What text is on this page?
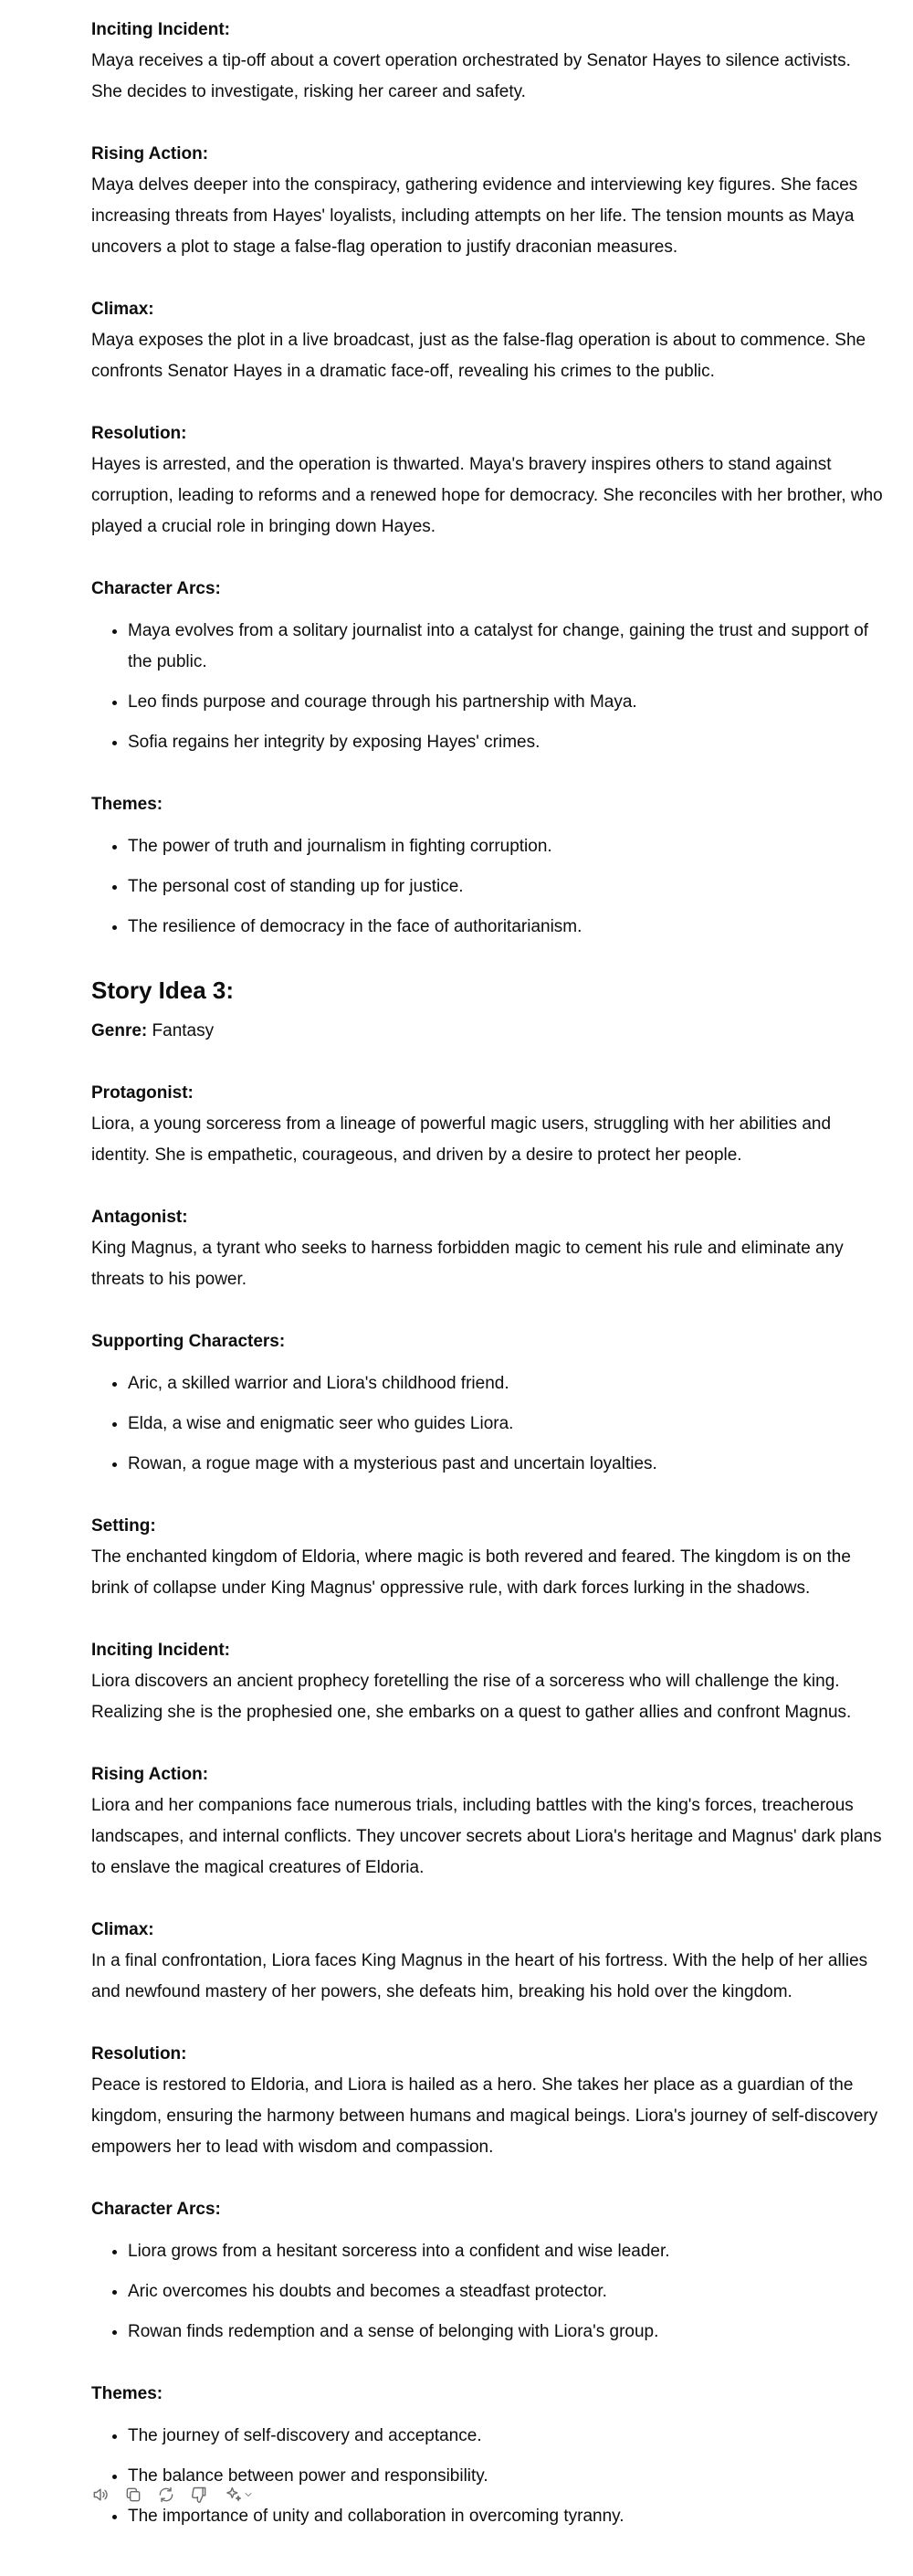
Inciting Incident:

Maya receives a tip-off about a covert operation orchestrated by Senator Hayes to silence activists. She decides to investigate, risking her career and safety.

Rising Action:

Maya delves deeper into the conspiracy, gathering evidence and interviewing key figures. She faces increasing threats from Hayes' loyalists, including attempts on her life. The tension mounts as Maya uncovers a plot to stage a false-flag operation to justify draconian measures.

Climax:

Maya exposes the plot in a live broadcast, just as the false-flag operation is about to commence. She confronts Senator Hayes in a dramatic face-off, revealing his crimes to the public.

Resolution:

Hayes is arrested, and the operation is thwarted. Maya's bravery inspires others to stand against corruption, leading to reforms and a renewed hope for democracy. She reconciles with her brother, who played a crucial role in bringing down Hayes.

Character Arcs:

• Maya evolves from a solitary journalist into a catalyst for change, gaining the trust and support of the public.
• Leo finds purpose and courage through his partnership with Maya.
• Sofia regains her integrity by exposing Hayes' crimes.

Themes:

• The power of truth and journalism in fighting corruption.
• The personal cost of standing up for justice.
• The resilience of democracy in the face of authoritarianism.
Story Idea 3:

Genre: Fantasy

Protagonist:

Liora, a young sorceress from a lineage of powerful magic users, struggling with her abilities and identity. She is empathetic, courageous, and driven by a desire to protect her people.

Antagonist:

King Magnus, a tyrant who seeks to harness forbidden magic to cement his rule and eliminate any threats to his power.

Supporting Characters:

• Aric, a skilled warrior and Liora's childhood friend.
• Elda, a wise and enigmatic seer who guides Liora.
• Rowan, a rogue mage with a mysterious past and uncertain loyalties.

Setting:

The enchanted kingdom of Eldoria, where magic is both revered and feared. The kingdom is on the brink of collapse under King Magnus' oppressive rule, with dark forces lurking in the shadows.

Inciting Incident:

Liora discovers an ancient prophecy foretelling the rise of a sorceress who will challenge the king. Realizing she is the prophesied one, she embarks on a quest to gather allies and confront Magnus.

Rising Action:

Liora and her companions face numerous trials, including battles with the king's forces, treacherous landscapes, and internal conflicts. They uncover secrets about Liora's heritage and Magnus' dark plans to enslave the magical creatures of Eldoria.

Climax:

In a final confrontation, Liora faces King Magnus in the heart of his fortress. With the help of her allies and newfound mastery of her powers, she defeats him, breaking his hold over the kingdom.

Resolution:

Peace is restored to Eldoria, and Liora is hailed as a hero. She takes her place as a guardian of the kingdom, ensuring the harmony between humans and magical beings. Liora's journey of self-discovery empowers her to lead with wisdom and compassion.

Character Arcs:

• Liora grows from a hesitant sorceress into a confident and wise leader.
• Aric overcomes his doubts and becomes a steadfast protector.
• Rowan finds redemption and a sense of belonging with Liora's group.

Themes:

• The journey of self-discovery and acceptance.
• The balance between power and responsibility.
• The importance of unity and collaboration in overcoming tyranny.
